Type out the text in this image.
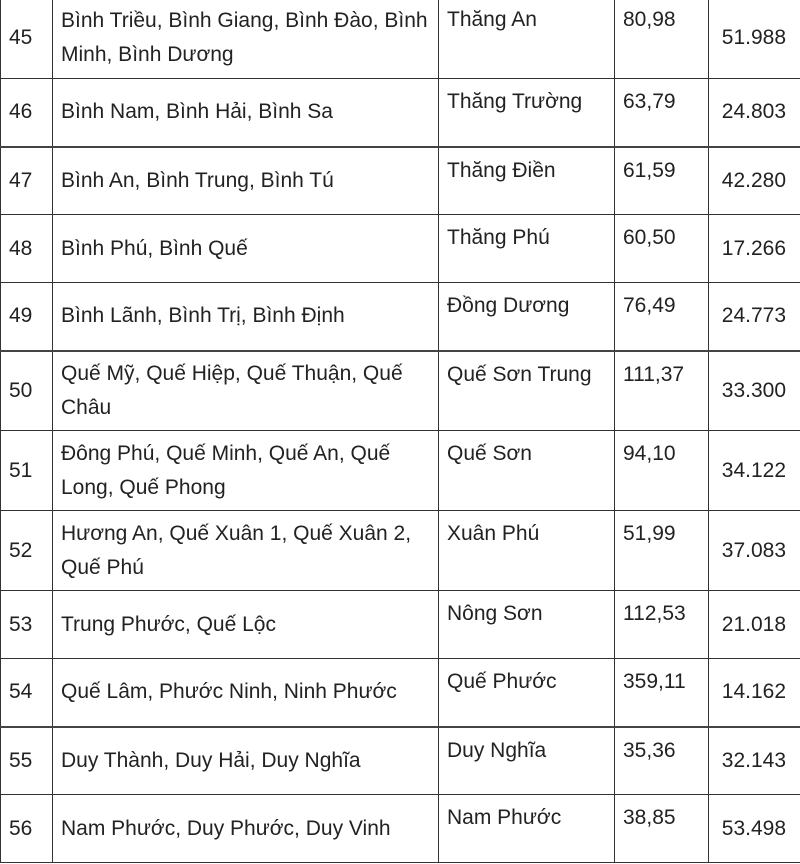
45	Bình Triều, Bình Giang, Bình Đào, Bình Minh, Bình Dương	Thăng An	80,98	51.988
46	Bình Nam, Bình Hải, Bình Sa	Thăng Trường	63,79	24.803
47	Bình An, Bình Trung, Bình Tú	Thăng Điền	61,59	42.280
48	Bình Phú, Bình Quế	Thăng Phú	60,50	17.266
49	Bình Lãnh, Bình Trị, Bình Định	Đồng Dương	76,49	24.773
50	Quế Mỹ, Quế Hiệp, Quế Thuận, Quế Châu	Quế Sơn Trung	111,37	33.300
51	Đông Phú, Quế Minh, Quế An, Quế Long, Quế Phong	Quế Sơn	94,10	34.122
52	Hương An, Quế Xuân 1, Quế Xuân 2, Quế Phú	Xuân Phú	51,99	37.083
53	Trung Phước, Quế Lộc	Nông Sơn	112,53	21.018
54	Quế Lâm, Phước Ninh, Ninh Phước	Quế Phước	359,11	14.162
55	Duy Thành, Duy Hải, Duy Nghĩa	Duy Nghĩa	35,36	32.143
56	Nam Phước, Duy Phước, Duy Vinh	Nam Phước	38,85	53.498
